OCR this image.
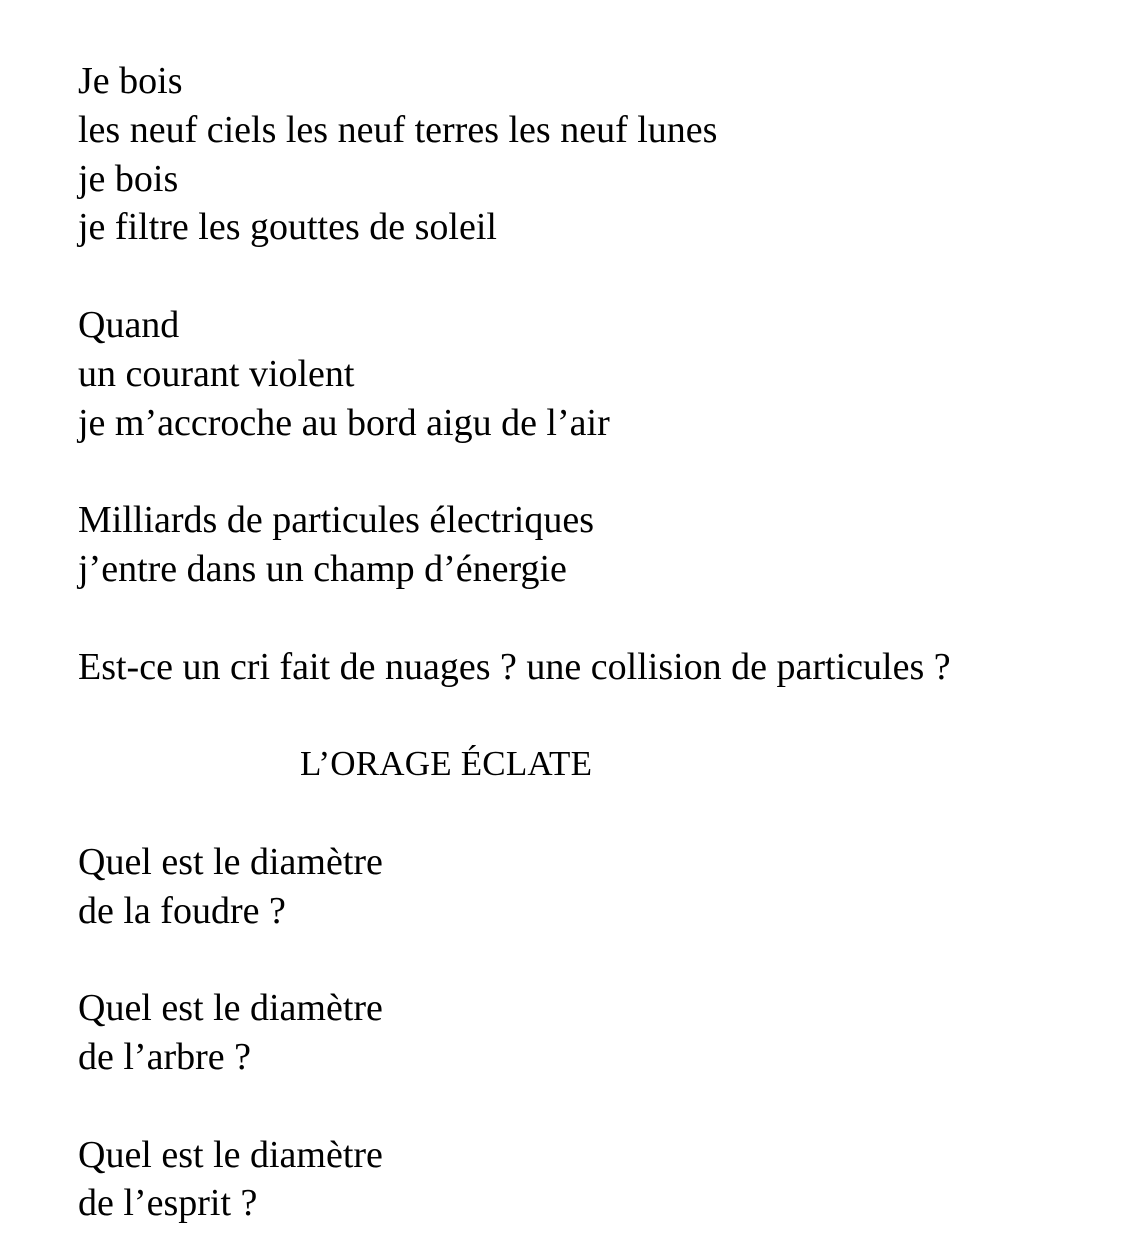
Je bois

les neuf ciels les neuf terres les neuf lunes

je bois

je filtre les gouttes de soleil

Quand

un courant violent

je m’accroche au bord aigu de l’air

Milliards de particules électriques

j’entre dans un champ d’énergie

Est-ce un cri fait de nuages ? une collision de particules ?

L’ORAGE ÉCLATE

Quel est le diamètre

de la foudre ?

Quel est le diamètre

de l’arbre ?

Quel est le diamètre

de l’esprit ?
